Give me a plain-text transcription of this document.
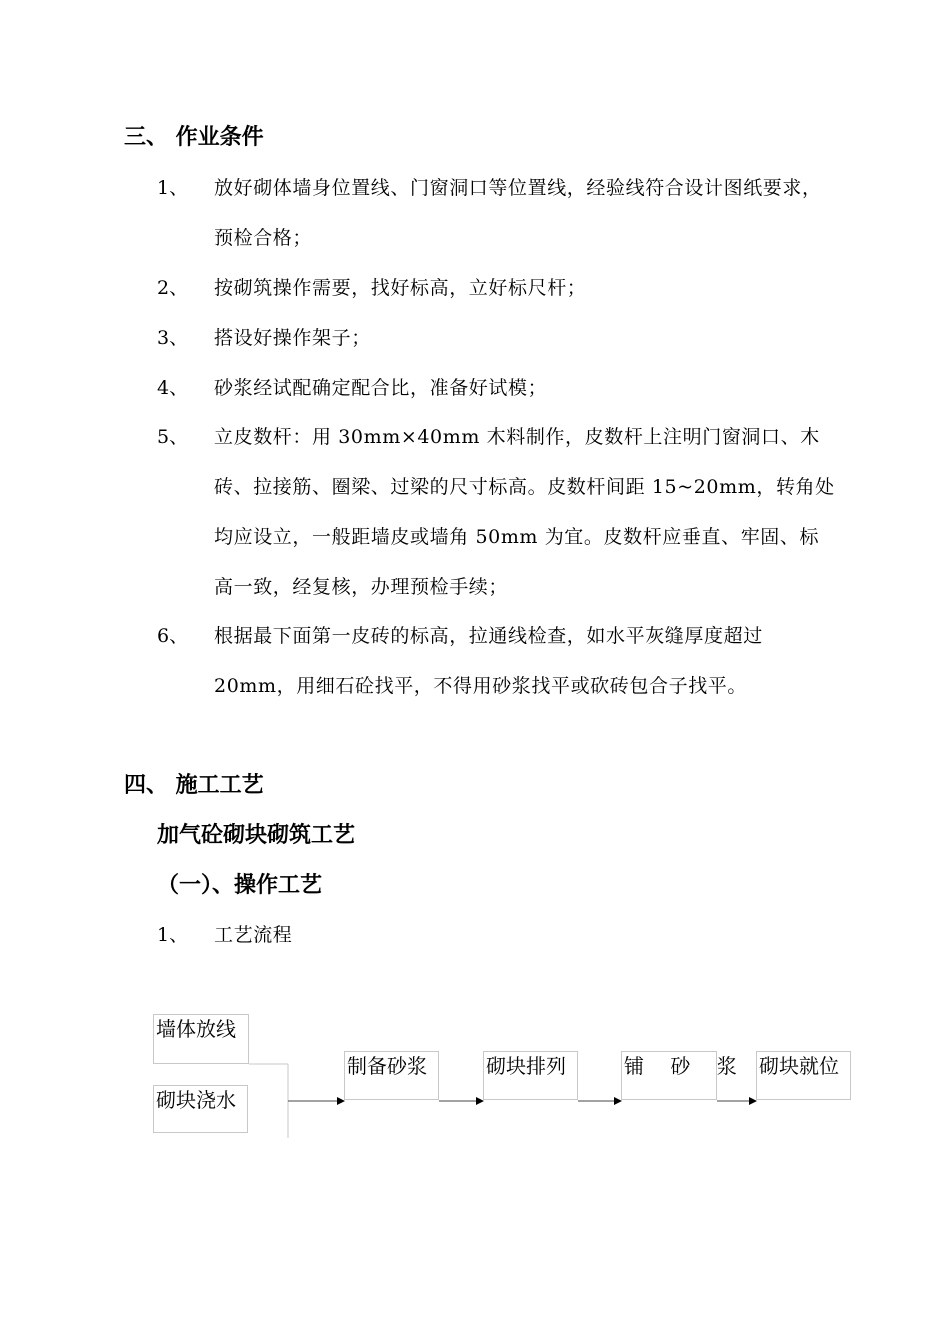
三、 作业条件
1、	放好砌体墙身位置线、门窗洞口等位置线，经验线符合设计图纸要求，预检合格；
2、	按砌筑操作需要，找好标高，立好标尺杆；
3、	搭设好操作架子；
4、	砂浆经试配确定配合比，准备好试模；
5、	立皮数杆：用 30mm×40mm 木料制作，皮数杆上注明门窗洞口、木砖、拉接筋、圈梁、过梁的尺寸标高。皮数杆间距 15~20mm，转角处均应设立，一般距墙皮或墙角 50mm 为宜。皮数杆应垂直、牢固、标高一致，经复核，办理预检手续；
6、	根据最下面第一皮砖的标高，拉通线检查，如水平灰缝厚度超过 20mm，用细石砼找平，不得用砂浆找平或砍砖包合子找平。
四、 施工工艺
加气砼砌块砌筑工艺
（一）、操作工艺
1、	工艺流程
墙体放线
砌块浇水
制备砂浆	砌块排列	铺 砂 浆 砌块就位
